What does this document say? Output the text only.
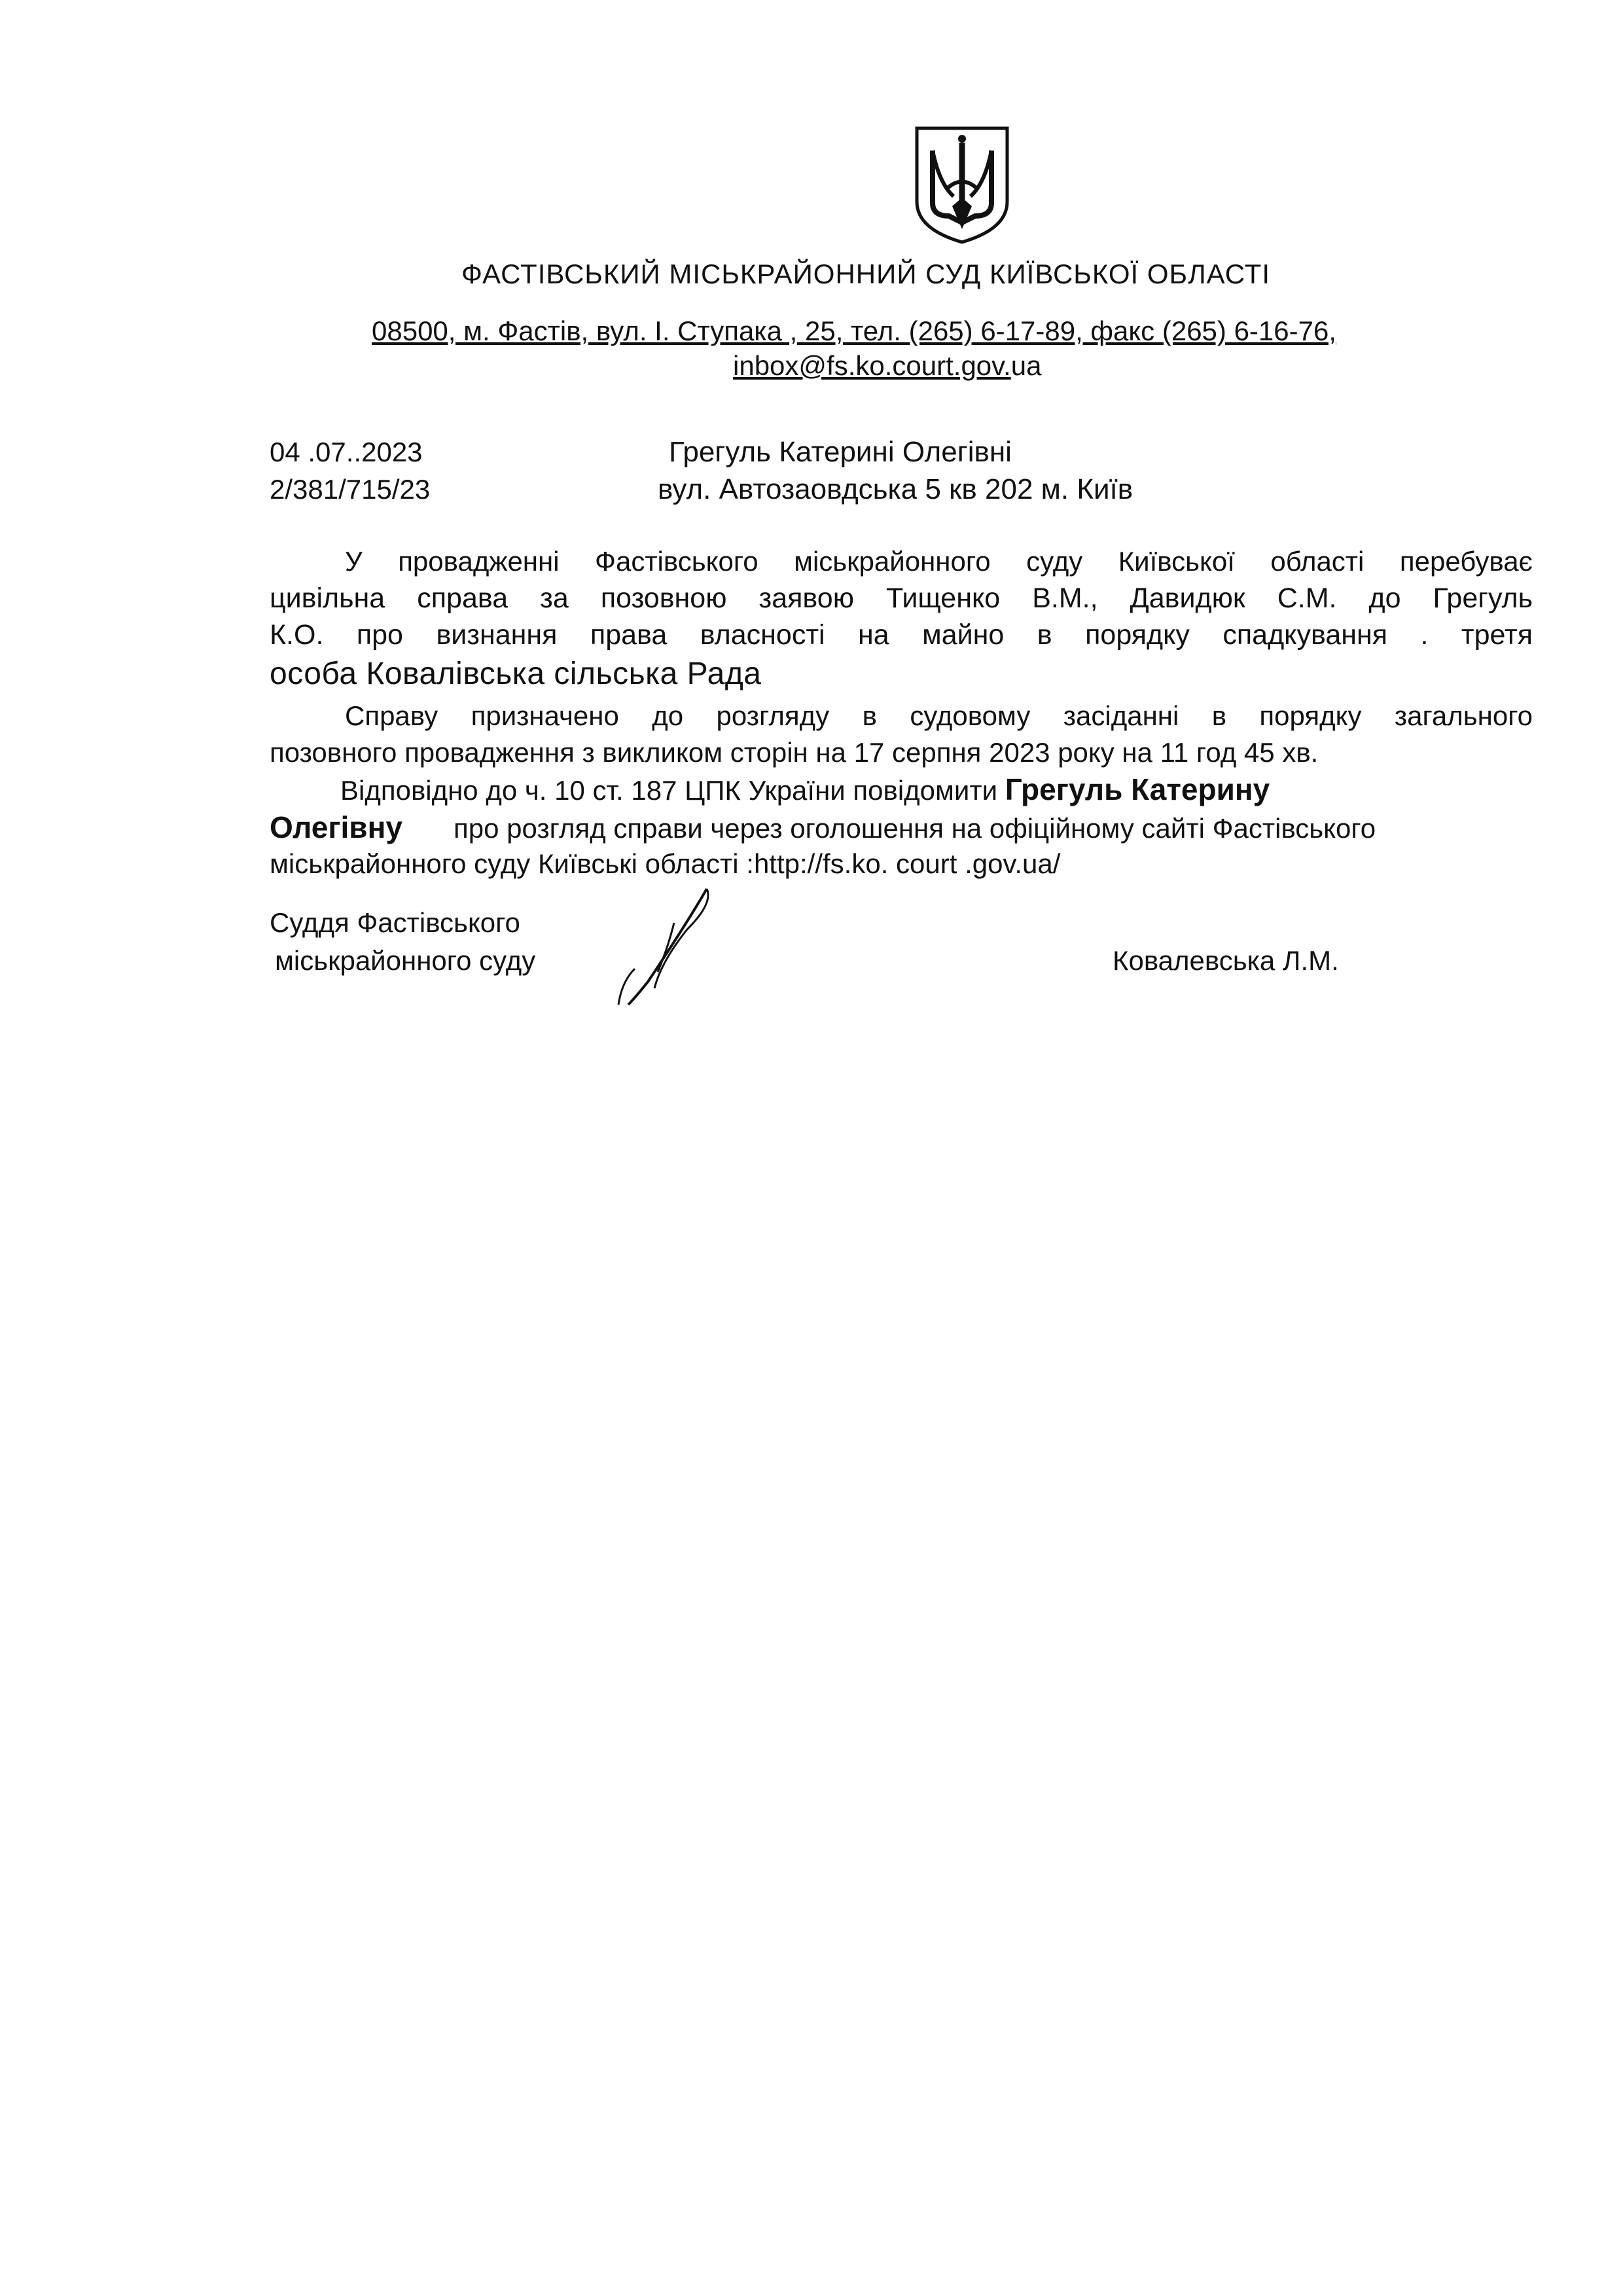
ФАСТІВСЬКИЙ МІСЬКРАЙОННИЙ СУД КИЇВСЬКОЇ ОБЛАСТІ
08500, м. Фастів, вул. І. Ступака , 25, тел. (265) 6-17-89, факс (265) 6-16-76,
inbox@fs.ko.court.gov.ua
04 .07..2023
2/381/715/23
Грегуль Катерині Олегівні
вул. Автозаовдська 5 кв 202 м. Київ
У провадженні Фастівського міськрайонного суду Київської області перебуває
цивільна справа за позовною заявою Тищенко В.М., Давидюк С.М. до Грегуль
К.О. про визнання права власності на майно в порядку спадкування . третя
особа Ковалівська сільська Рада
Справу призначено до розгляду в судовому засіданні в порядку загального
позовного провадження з викликом сторін на 17 серпня 2023 року на 11 год 45 хв.
Відповідно до ч. 10 ст. 187 ЦПК України повідомити Грегуль Катерину
Олегівну про розгляд справи через оголошення на офіційному сайті Фастівського
міськрайонного суду Київські області :http://fs.ko. court .gov.ua/
Суддя Фастівського
міськрайонного суду	Ковалевська Л.М.
